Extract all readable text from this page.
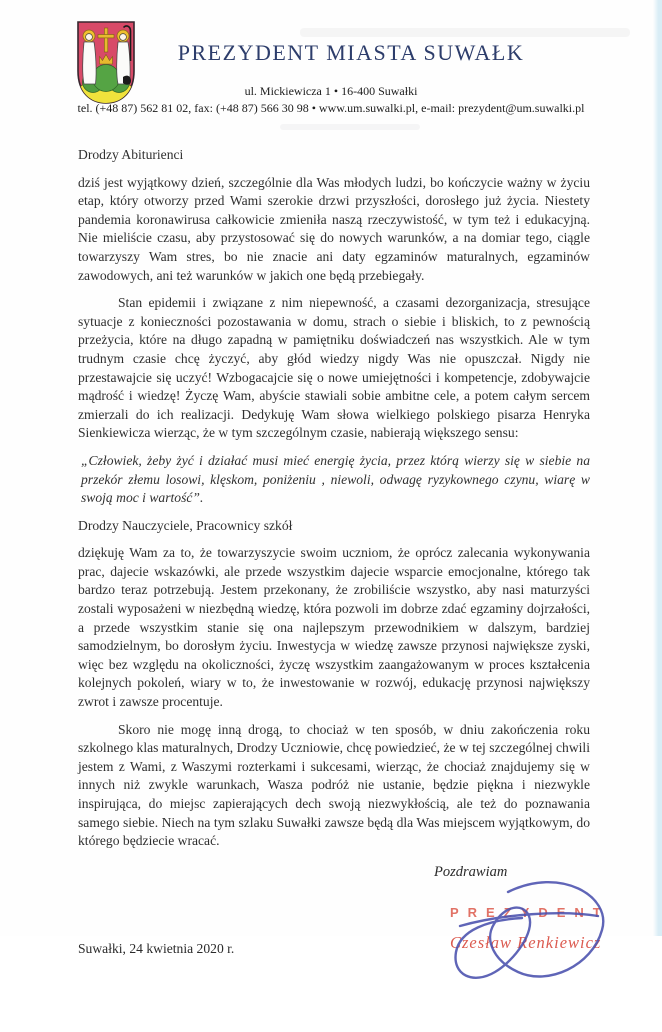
PREZYDENT MIASTA SUWAŁK
ul. Mickiewicza 1 • 16-400 Suwałki
tel. (+48 87) 562 81 02, fax: (+48 87) 566 30 98 • www.um.suwalki.pl, e-mail: prezydent@um.suwalki.pl

Drodzy Abiturienci

dziś jest wyjątkowy dzień, szczególnie dla Was młodych ludzi, bo kończycie ważny w życiu etap, który otworzy przed Wami szerokie drzwi przyszłości, dorosłego już życia. Niestety pandemia koronawirusa całkowicie zmieniła naszą rzeczywistość, w tym też i edukacyjną. Nie mieliście czasu, aby przystosować się do nowych warunków, a na domiar tego, ciągle towarzyszy Wam stres, bo nie znacie ani daty egzaminów maturalnych, egzaminów zawodowych, ani też warunków w jakich one będą przebiegały.

Stan epidemii i związane z nim niepewność, a czasami dezorganizacja, stresujące sytuacje z konieczności pozostawania w domu, strach o siebie i bliskich, to z pewnością przeżycia, które na długo zapadną w pamiętniku doświadczeń nas wszystkich. Ale w tym trudnym czasie chcę życzyć, aby głód wiedzy nigdy Was nie opuszczał. Nigdy nie przestawajcie się uczyć! Wzbogacajcie się o nowe umiejętności i kompetencje, zdobywajcie mądrość i wiedzę! Życzę Wam, abyście stawiali sobie ambitne cele, a potem całym sercem zmierzali do ich realizacji. Dedykuję Wam słowa wielkiego polskiego pisarza Henryka Sienkiewicza wierząc, że w tym szczególnym czasie, nabierają większego sensu:

„Człowiek, żeby żyć i działać musi mieć energię życia, przez którą wierzy się w siebie na przekór złemu losowi, klęskom, poniżeniu , niewoli, odwagę ryzykownego czynu, wiarę w swoją moc i wartość”.

Drodzy Nauczyciele, Pracownicy szkół

dziękuję Wam za to, że towarzyszycie swoim uczniom, że oprócz zalecania wykonywania prac, dajecie wskazówki, ale przede wszystkim dajecie wsparcie emocjonalne, którego tak bardzo teraz potrzebują. Jestem przekonany, że zrobiliście wszystko, aby nasi maturzyści zostali wyposażeni w niezbędną wiedzę, która pozwoli im dobrze zdać egzaminy dojrzałości, a przede wszystkim stanie się ona najlepszym przewodnikiem w dalszym, bardziej samodzielnym, bo dorosłym życiu. Inwestycja w wiedzę zawsze przynosi największe zyski, więc bez względu na okoliczności, życzę wszystkim zaangażowanym w proces kształcenia kolejnych pokoleń, wiary w to, że inwestowanie w rozwój, edukację przynosi największy zwrot i zawsze procentuje.

Skoro nie mogę inną drogą, to chociaż w ten sposób, w dniu zakończenia roku szkolnego klas maturalnych, Drodzy Uczniowie, chcę powiedzieć, że w tej szczególnej chwili jestem z Wami, z Waszymi rozterkami i sukcesami, wierząc, że chociaż znajdujemy się w innych niż zwykle warunkach, Wasza podróż nie ustanie, będzie piękna i niezwykle inspirująca, do miejsc zapierających dech swoją niezwykłością, ale też do poznawania samego siebie. Niech na tym szlaku Suwałki zawsze będą dla Was miejscem wyjątkowym, do którego będziecie wracać.

Pozdrawiam
PREZYDENT
Czesław Renkiewicz
Suwałki, 24 kwietnia 2020 r.
